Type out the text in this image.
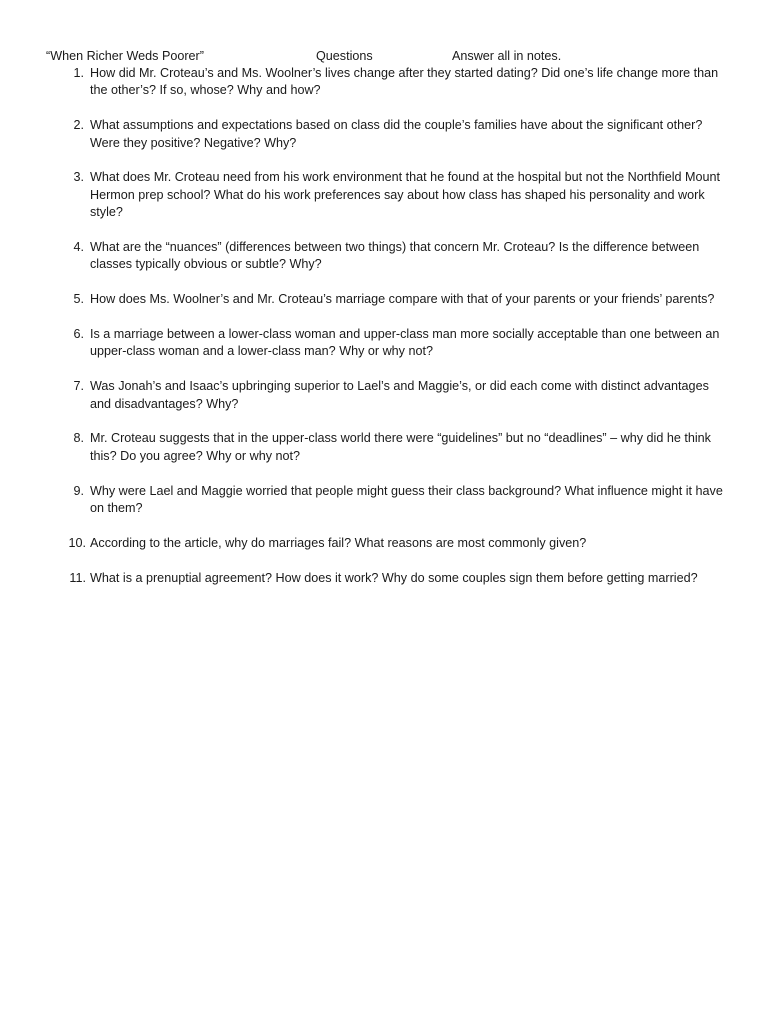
“When Richer Weds Poorer”	Questions	Answer all in notes.
1. How did Mr. Croteau’s and Ms. Woolner’s lives change after they started dating? Did one’s life change more than the other’s? If so, whose? Why and how?
2. What assumptions and expectations based on class did the couple’s families have about the significant other? Were they positive? Negative? Why?
3. What does Mr. Croteau need from his work environment that he found at the hospital but not the Northfield Mount Hermon prep school? What do his work preferences say about how class has shaped his personality and work style?
4. What are the “nuances” (differences between two things) that concern Mr. Croteau? Is the difference between classes typically obvious or subtle? Why?
5. How does Ms. Woolner’s and Mr. Croteau’s marriage compare with that of your parents or your friends’ parents?
6. Is a marriage between a lower-class woman and upper-class man more socially acceptable than one between an upper-class woman and a lower-class man? Why or why not?
7. Was Jonah’s and Isaac’s upbringing superior to Lael’s and Maggie’s, or did each come with distinct advantages and disadvantages? Why?
8. Mr. Croteau suggests that in the upper-class world there were “guidelines” but no “deadlines” – why did he think this? Do you agree? Why or why not?
9. Why were Lael and Maggie worried that people might guess their class background? What influence might it have on them?
10. According to the article, why do marriages fail? What reasons are most commonly given?
11. What is a prenuptial agreement? How does it work? Why do some couples sign them before getting married?
